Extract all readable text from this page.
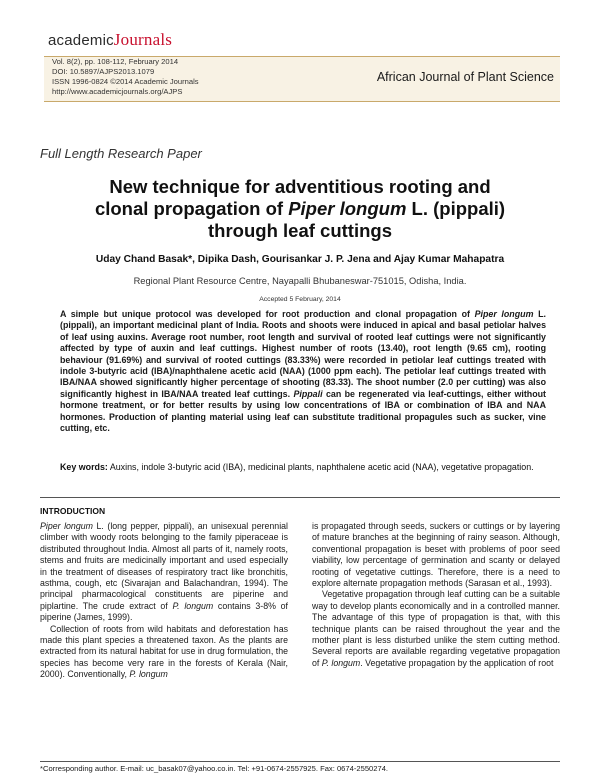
academicJournals
Vol. 8(2), pp. 108-112, February 2014
DOI: 10.5897/AJPS2013.1079
ISSN 1996-0824 ©2014 Academic Journals
http://www.academicjournals.org/AJPS
African Journal of Plant Science
Full Length Research Paper
New technique for adventitious rooting and
clonal propagation of Piper longum L. (pippali)
through leaf cuttings
Uday Chand Basak*, Dipika Dash, Gourisankar J. P. Jena and Ajay Kumar Mahapatra
Regional Plant Resource Centre, Nayapalli Bhubaneswar-751015, Odisha, India.
Accepted 5 February, 2014
A simple but unique protocol was developed for root production and clonal propagation of Piper longum L. (pippali), an important medicinal plant of India. Roots and shoots were induced in apical and basal petiolar halves of leaf using auxins. Average root number, root length and survival of rooted leaf cuttings were not significantly affected by type of auxin and leaf cuttings. Highest number of roots (13.40), root length (9.65 cm), rooting behaviour (91.69%) and survival of rooted cuttings (83.33%) were recorded in petiolar leaf cuttings treated with indole 3-butyric acid (IBA)/naphthalene acetic acid (NAA) (1000 ppm each). The petiolar leaf cuttings treated with IBA/NAA showed significantly higher percentage of shooting (83.33). The shoot number (2.0 per cutting) was also significantly highest in IBA/NAA treated leaf cuttings. Pippali can be regenerated via leaf-cuttings, either without hormone treatment, or for better results by using low concentrations of IBA or combination of IBA and NAA hormones. Production of planting material using leaf can substitute traditional propagules such as sucker, vine cutting, etc.
Key words: Auxins, indole 3-butyric acid (IBA), medicinal plants, naphthalene acetic acid (NAA), vegetative propagation.
INTRODUCTION

Piper longum L. (long pepper, pippali), an unisexual perennial climber with woody roots belonging to the family piperaceae is distributed throughout India. Almost all parts of it, namely roots, stems and fruits are medicinally important and used especially in the treatment of diseases of respiratory tract like bronchitis, asthma, cough, etc (Sivarajan and Balachandran, 1994). The principal pharmacological constituents are piperine and piplartine. The crude extract of P. longum contains 3-8% of piperine (James, 1999).

Collection of roots from wild habitats and deforestation has made this plant species a threatened taxon. As the plants are extracted from its natural habitat for use in drug formulation, the species has become very rare in the forests of Kerala (Nair, 2000). Conventionally, P. longum

is propagated through seeds, suckers or cuttings or by layering of mature branches at the beginning of rainy season. Although, conventional propagation is beset with problems of poor seed viability, low percentage of germination and scanty or delayed rooting of vegetative cuttings. Therefore, there is a need to explore alternate propagation methods (Sarasan et al., 1993).

Vegetative propagation through leaf cutting can be a suitable way to develop plants economically and in a controlled manner. The advantage of this type of propagation is that, with this technique plants can be raised throughout the year and the mother plant is less disturbed unlike the stem cutting method. Several reports are available regarding vegetative propagation of P. longum. Vegetative propagation by the application of root

*Corresponding author. E-mail: uc_basak07@yahoo.co.in. Tel: +91-0674-2557925. Fax: 0674-2550274.
